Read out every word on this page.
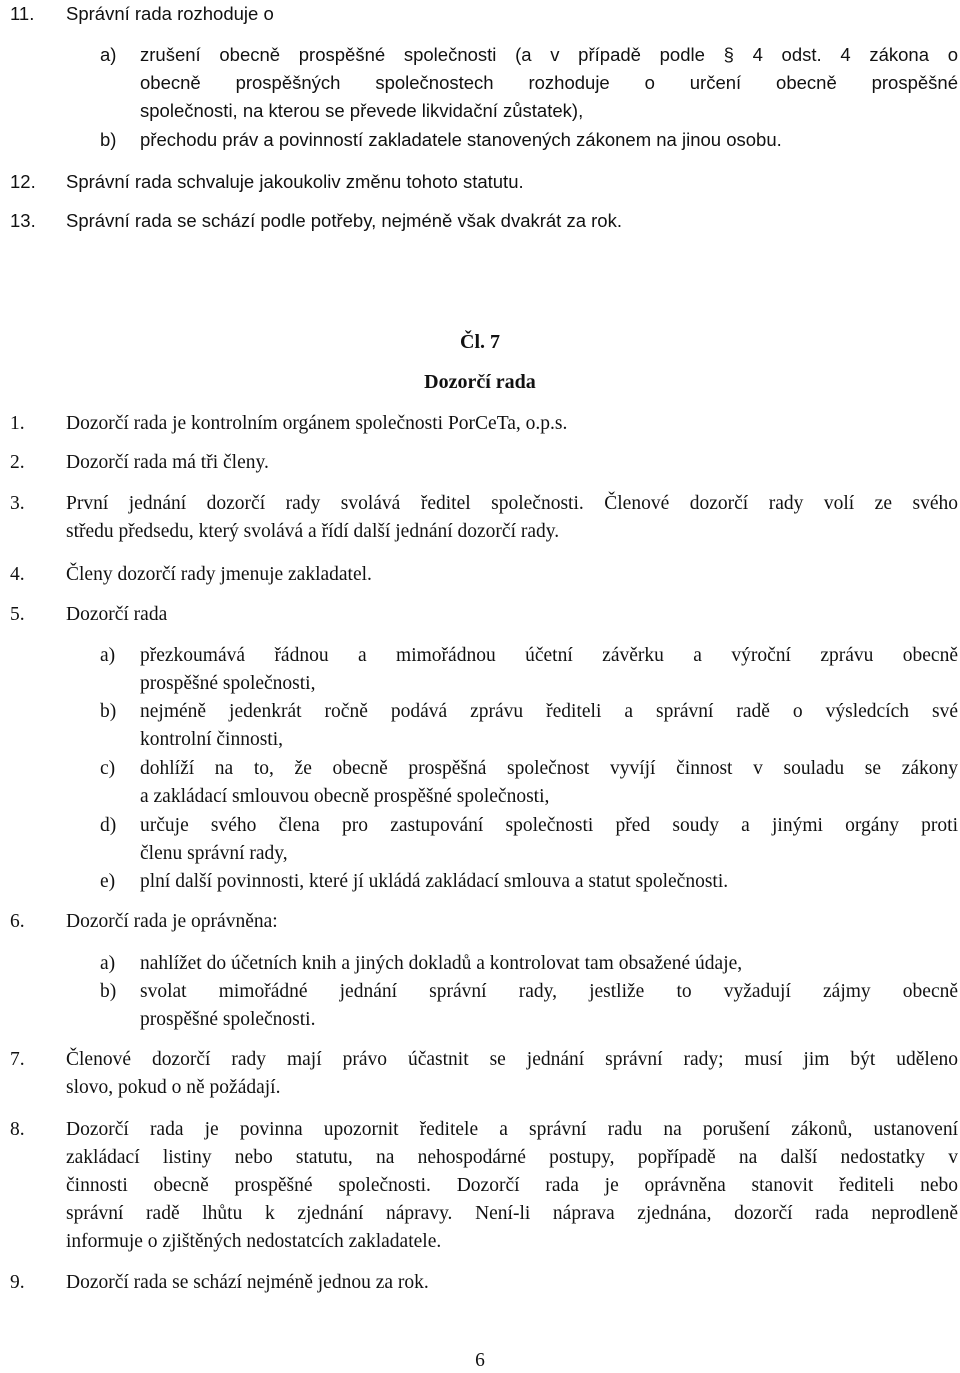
11. Správní rada rozhoduje o
a) zrušení obecně prospěšné společnosti (a v případě podle § 4 odst. 4 zákona o
obecně prospěšných společnostech rozhoduje o určení obecně prospěšné
společnosti, na kterou se převede likvidační zůstatek),
b) přechodu práv a povinností zakladatele stanovených zákonem na jinou osobu.
12. Správní rada schvaluje jakoukoliv změnu tohoto statutu.
13. Správní rada se schází podle potřeby, nejméně však dvakrát za rok.
Čl. 7
Dozorčí rada
1. Dozorčí rada je kontrolním orgánem společnosti PorCeTa, o.p.s.
2. Dozorčí rada má tři členy.
3. První jednání dozorčí rady svolává ředitel společnosti. Členové dozorčí rady volí ze svého
středu předsedu, který svolává a řídí další jednání dozorčí rady.
4. Členy dozorčí rady jmenuje zakladatel.
5. Dozorčí rada
a) přezkoumává řádnou a mimořádnou účetní závěrku a výroční zprávu obecně
prospěšné společnosti,
b) nejméně jedenkrát ročně podává zprávu řediteli a správní radě o výsledcích své
kontrolní činnosti,
c) dohlíží na to, že obecně prospěšná společnost vyvíjí činnost v souladu se zákony
a zakládací smlouvou obecně prospěšné společnosti,
d) určuje svého člena pro zastupování společnosti před soudy a jinými orgány proti
členu správní rady,
e) plní další povinnosti, které jí ukládá zakládací smlouva a statut společnosti.
6. Dozorčí rada je oprávněna:
a) nahlížet do účetních knih a jiných dokladů a kontrolovat tam obsažené údaje,
b) svolat mimořádné jednání správní rady, jestliže to vyžadují zájmy obecně
prospěšné společnosti.
7. Členové dozorčí rady mají právo účastnit se jednání správní rady; musí jim být uděleno
slovo, pokud o ně požádají.
8. Dozorčí rada je povinna upozornit ředitele a správní radu na porušení zákonů, ustanovení
zakládací listiny nebo statutu, na nehospodárné postupy, popřípadě na další nedostatky v
činnosti obecně prospěšné společnosti. Dozorčí rada je oprávněna stanovit řediteli nebo
správní radě lhůtu k zjednání nápravy. Není-li náprava zjednána, dozorčí rada neprodleně
informuje o zjištěných nedostatcích zakladatele.
9. Dozorčí rada se schází nejméně jednou za rok.
6
